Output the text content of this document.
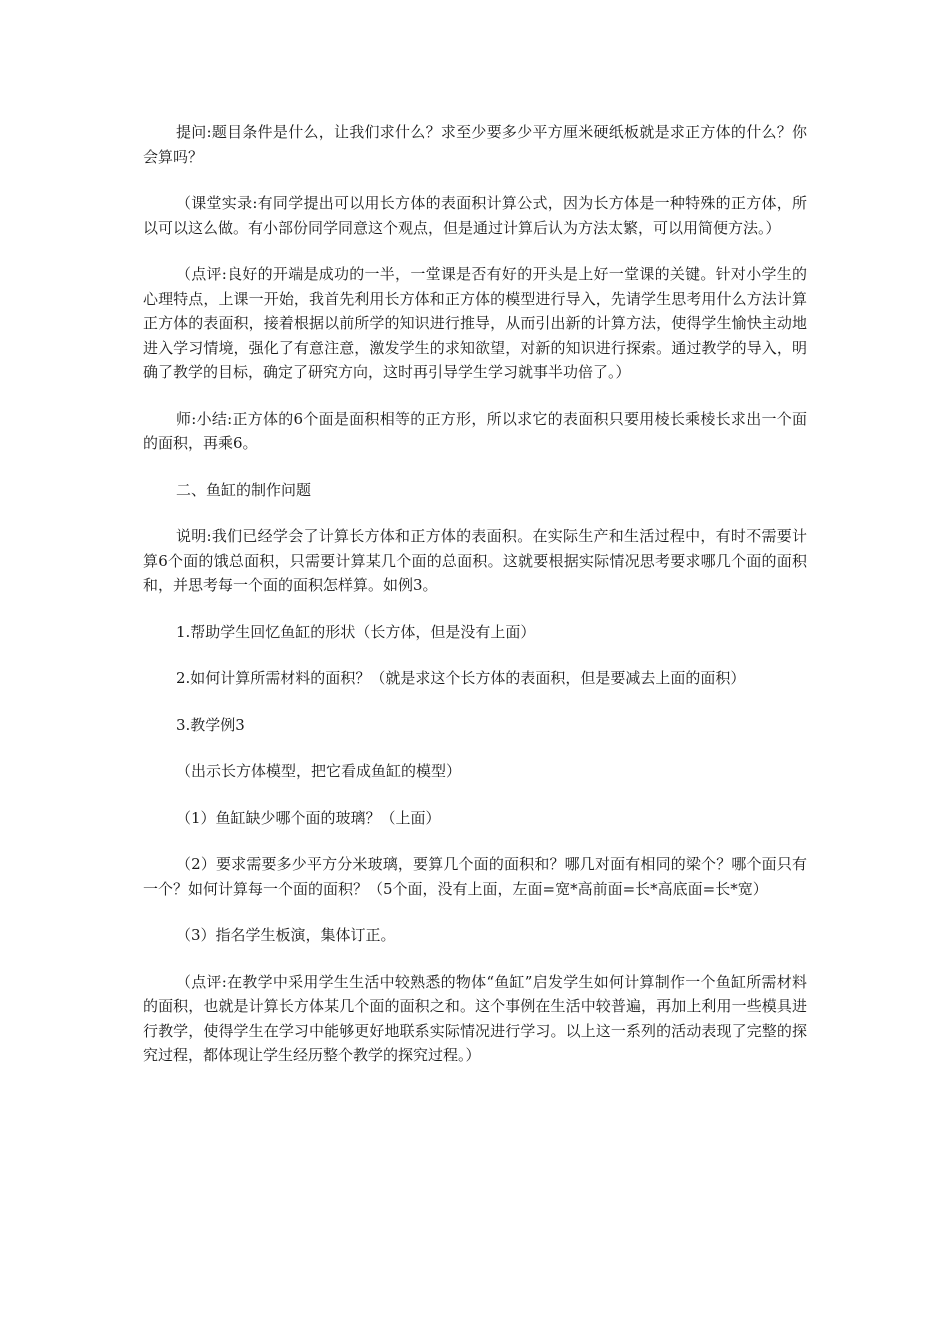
提问:题目条件是什么，让我们求什么？求至少要多少平方厘米硬纸板就是求正方体的什么？你会算吗？

（课堂实录:有同学提出可以用长方体的表面积计算公式，因为长方体是一种特殊的正方体，所以可以这么做。有小部份同学同意这个观点，但是通过计算后认为方法太繁，可以用简便方法。）

（点评:良好的开端是成功的一半，一堂课是否有好的开头是上好一堂课的关键。针对小学生的心理特点，上课一开始，我首先利用长方体和正方体的模型进行导入，先请学生思考用什么方法计算正方体的表面积，接着根据以前所学的知识进行推导，从而引出新的计算方法，使得学生愉快主动地进入学习情境，强化了有意注意，激发学生的求知欲望，对新的知识进行探索。通过教学的导入，明确了教学的目标，确定了研究方向，这时再引导学生学习就事半功倍了。）

师:小结:正方体的6个面是面积相等的正方形，所以求它的表面积只要用棱长乘棱长求出一个面的面积，再乘6。

二、鱼缸的制作问题

说明:我们已经学会了计算长方体和正方体的表面积。在实际生产和生活过程中，有时不需要计算6个面的饿总面积，只需要计算某几个面的总面积。这就要根据实际情况思考要求哪几个面的面积和，并思考每一个面的面积怎样算。如例3。

1.帮助学生回忆鱼缸的形状（长方体，但是没有上面）

2.如何计算所需材料的面积？（就是求这个长方体的表面积，但是要减去上面的面积）

3.教学例3

（出示长方体模型，把它看成鱼缸的模型）

（1）鱼缸缺少哪个面的玻璃？（上面）

（2）要求需要多少平方分米玻璃，要算几个面的面积和？哪几对面有相同的梁个？哪个面只有一个？如何计算每一个面的面积？（5个面，没有上面，左面=宽*高前面=长*高底面=长*宽）

（3）指名学生板演，集体订正。

（点评:在教学中采用学生生活中较熟悉的物体“鱼缸”启发学生如何计算制作一个鱼缸所需材料的面积，也就是计算长方体某几个面的面积之和。这个事例在生活中较普遍，再加上利用一些模具进行教学，使得学生在学习中能够更好地联系实际情况进行学习。以上这一系列的活动表现了完整的探究过程，都体现让学生经历整个教学的探究过程。）
